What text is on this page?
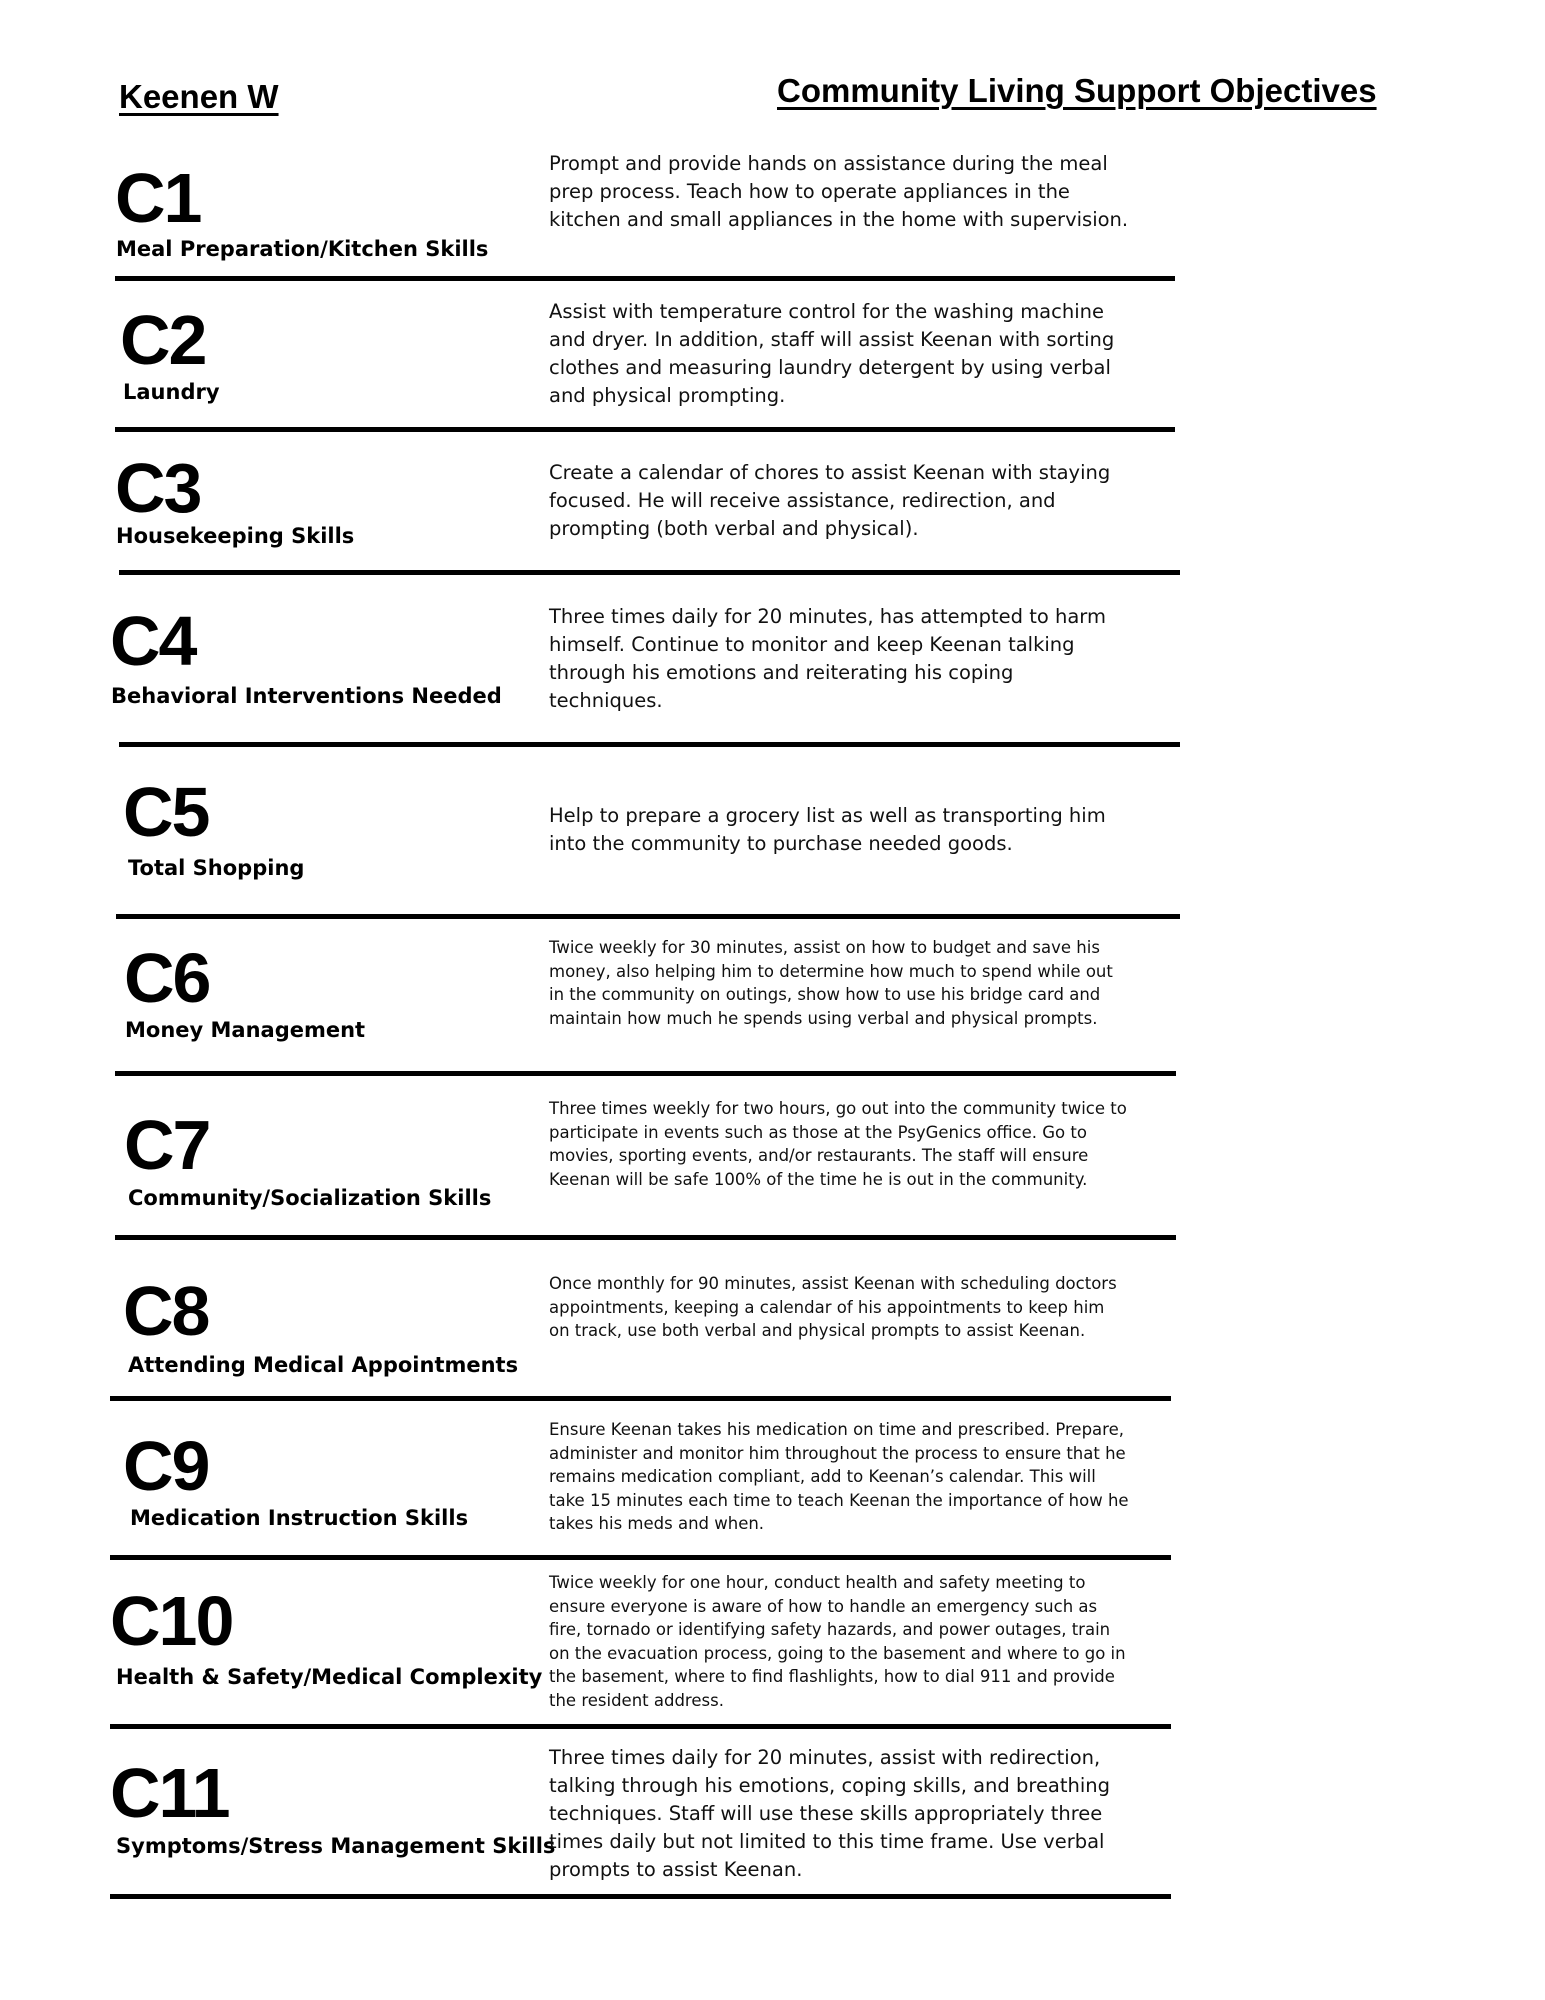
Keenen W	Community Living Support Objectives
C1
Meal Preparation/Kitchen Skills
Prompt and provide hands on assistance during the meal prep process. Teach how to operate appliances in the kitchen and small appliances in the home with supervision.
C2
Laundry
Assist with temperature control for the washing machine and dryer. In addition, staff will assist Keenan with sorting clothes and measuring laundry detergent by using verbal and physical prompting.
C3
Housekeeping Skills
Create a calendar of chores to assist Keenan with staying focused. He will receive assistance, redirection, and prompting (both verbal and physical).
C4
Behavioral Interventions Needed
Three times daily for 20 minutes, has attempted to harm himself. Continue to monitor and keep Keenan talking through his emotions and reiterating his coping techniques.
C5
Total Shopping
Help to prepare a grocery list as well as transporting him into the community to purchase needed goods.
C6
Money Management
Twice weekly for 30 minutes, assist on how to budget and save his money, also helping him to determine how much to spend while out in the community on outings, show how to use his bridge card and maintain how much he spends using verbal and physical prompts.
C7
Community/Socialization Skills
Three times weekly for two hours, go out into the community twice to participate in events such as those at the PsyGenics office. Go to movies, sporting events, and/or restaurants. The staff will ensure Keenan will be safe 100% of the time he is out in the community.
C8
Attending Medical Appointments
Once monthly for 90 minutes, assist Keenan with scheduling doctors appointments, keeping a calendar of his appointments to keep him on track, use both verbal and physical prompts to assist Keenan.
C9
Medication Instruction Skills
Ensure Keenan takes his medication on time and prescribed. Prepare, administer and monitor him throughout the process to ensure that he remains medication compliant, add to Keenan’s calendar. This will take 15 minutes each time to teach Keenan the importance of how he takes his meds and when.
C10
Health & Safety/Medical Complexity
Twice weekly for one hour, conduct health and safety meeting to ensure everyone is aware of how to handle an emergency such as fire, tornado or identifying safety hazards, and power outages, train on the evacuation process, going to the basement and where to go in the basement, where to find flashlights, how to dial 911 and provide the resident address.
C11
Symptoms/Stress Management Skills
Three times daily for 20 minutes, assist with redirection, talking through his emotions, coping skills, and breathing techniques. Staff will use these skills appropriately three times daily but not limited to this time frame. Use verbal prompts to assist Keenan.
